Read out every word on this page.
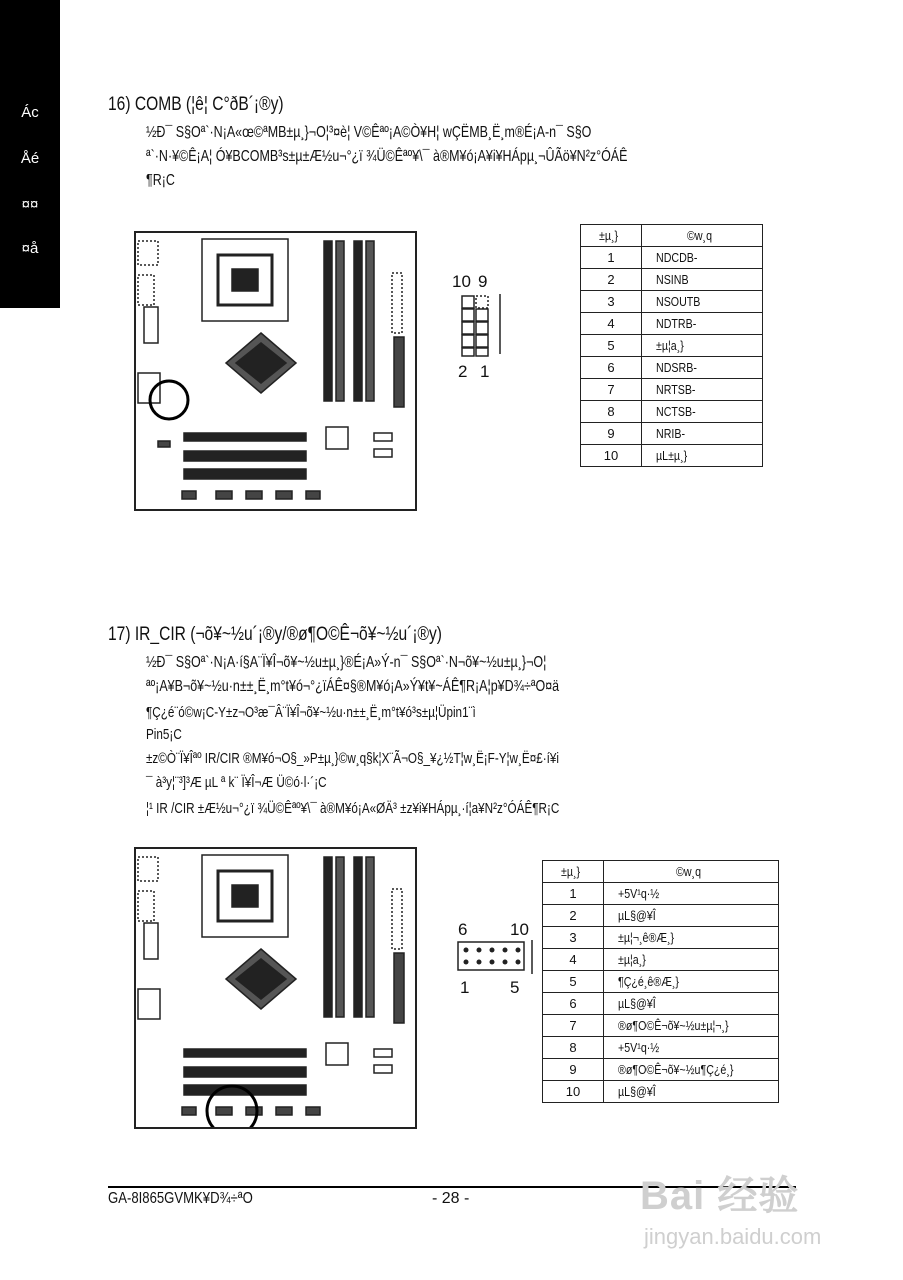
Ác
Åé
¤¤
¤å
16) COMB (¦ê¦ C°ðB´¡®y)
½Ð¯ S§Oª`·N¡A«œ©ªMB±µ¸}¬O¦³¤è¦ V©Êªº¡A©Ò¥H¦ wÇËMB¸Ë¸m®É¡A-n¯ S§O
ª`·N·¥©Ê¡A¦ Ó¥BCOMB³s±µ±Æ½u¬°¿ï ¾Ü©Êªº¥\¯ à®M¥ó¡A¥i¥HÁpµ¸¬ÛÃö¥N²z°ÓÁÊ
¶R¡C
10 9
2 1
±µ¸}	©w¸q
1	NDCDB-
2	NSINB
3	NSOUTB
4	NDTRB-
5	±µ¦a¸}
6	NDSRB-
7	NRTSB-
8	NCTSB-
9	NRIB-
10	µL±µ¸}
17) IR_CIR (¬õ¥~½u´¡®y/®ø¶O©Ê¬õ¥~½u´¡®y)
½Ð¯ S§Oª`·N¡A·í§A¨Ï¥Î¬õ¥~½u±µ¸}®É¡A»Ý-n¯ S§Oª`·N¬õ¥~½u±µ¸}¬O¦
ªº¡A¥B¬õ¥~½u·n±±¸Ë¸m°t¥ó¬°¿ïÁÊ¤§®M¥ó¡A»Ý¥t¥~ÁÊ¶R¡A¦p¥D¾÷ªO¤ä
¶Ç¿é¨ó©w¡C-Y±z¬O³æ¯Â¨Ï¥Î¬õ¥~½u·n±±¸Ë¸m°t¥ó³s±µ¦Üpin1¨ì
Pin5¡C
±z©Ò¨Ï¥Îªº IR/CIR ®M¥ó¬O§_»P±µ¸}©w¸q§k¦X¨Ã¬O§_¥¿½T¦w¸Ë¡F-Y¦w¸Ë¤£·í¥i
¯ à³y¦¨³]³Æ µL ª k¨ Ï¥Î¬Æ Ü©ó·l·´¡C
¦¹ IR /CIR ±Æ½u¬°¿ï ¾Ü©Êªº¥\¯ à®M¥ó¡A«ØÄ³ ±z¥i¥HÁpµ¸·í¦a¥N²z°ÓÁÊ¶R¡C
6	10
1 5
±µ¸}	©w¸q
1	+5V¹q·½
2	µL§@¥Î
3	±µ¦¬¸ê®Æ¸}
4	±µ¦a¸}
5	¶Ç¿é¸ê®Æ¸}
6	µL§@¥Î
7	®ø¶O©Ê¬õ¥~½u±µ¦¬¸}
8	+5V¹q·½
9	®ø¶O©Ê¬õ¥~½u¶Ç¿é¸}
10	µL§@¥Î
GA-8I865GVMK¥D¾÷ªO	- 28 -	Bai 经验
jingyan.baidu.com
